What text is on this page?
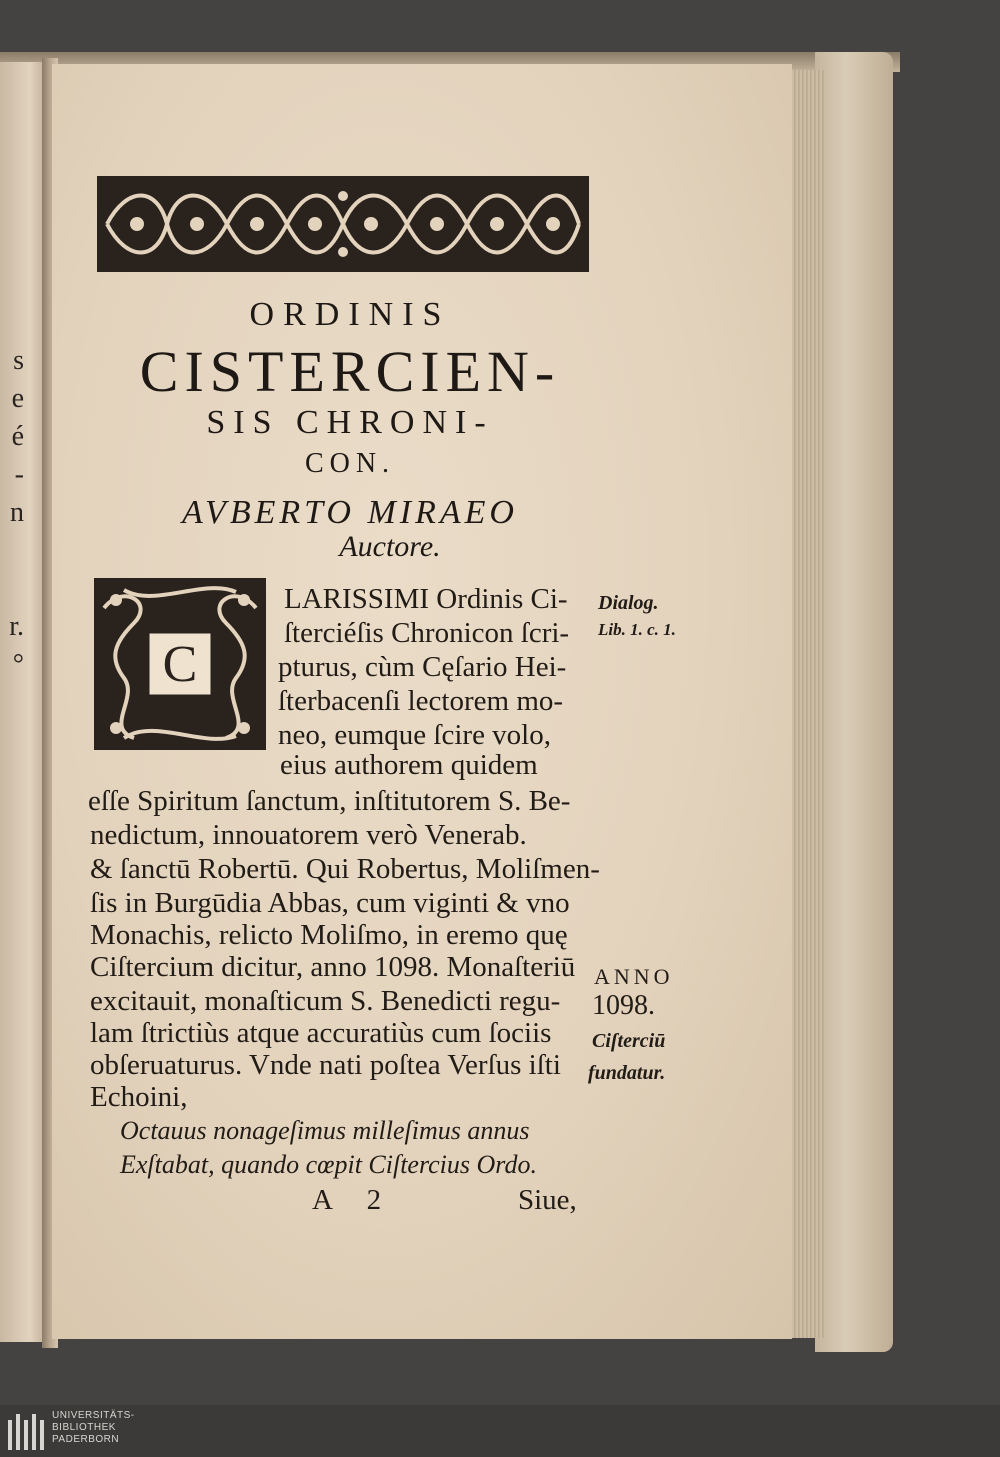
s
e
é
-
n
r.
°
ORDINIS
CISTERCIEN-
SIS CHRONI-
CON.
AVBERTO MIRAEO
Auctore.
C
LARISSIMI Ordinis Ci-
ſterciéſis Chronicon ſcri-
pturus, cùm Cęſario Hei-
ſterbacenſi lectorem mo-
neo, eumque ſcire volo,
eius authorem quidem
eſſe Spiritum ſanctum, inſtitutorem S. Be-
nedictum, innouatorem verò Venerab.
& ſanctū Robertū. Qui Robertus, Moliſmen-
ſis in Burgūdia Abbas, cum viginti & vno
Monachis, relicto Moliſmo, in eremo quę
Ciſtercium dicitur, anno 1098. Monaſteriū
excitauit, monaſticum S. Benedicti regu-
lam ſtrictiùs atque accuratiùs cum ſociis
obſeruaturus. Vnde nati poſtea Verſus iſti
Echoini,
Dialog.
Lib. 1. c. 1.
ANNO
1098.
Ciſterciū
fundatur.
Octauus nonageſimus milleſimus annus
Exſtabat, quando cœpit Ciſtercius Ordo.
A 2	Siue,
UNIVERSITÄTS-
BIBLIOTHEK
PADERBORN
